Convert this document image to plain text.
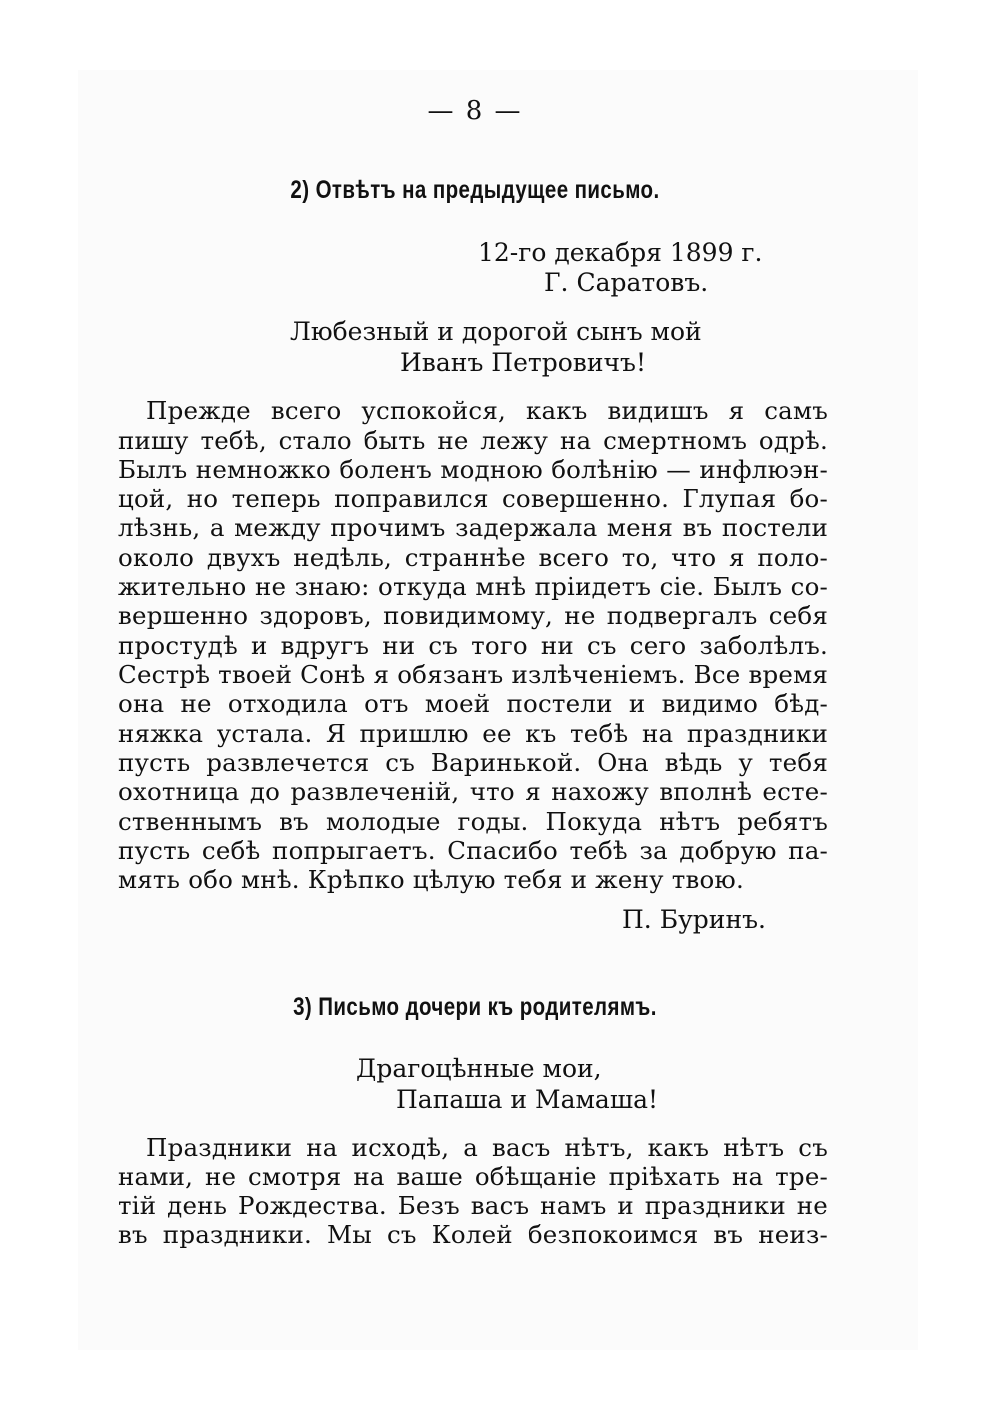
— 8 —
2) Отвѣтъ на предыдущее письмо.
12-го декабря 1899 г.
Г. Саратовъ.
Любезный и дорогой сынъ мой
Иванъ Петровичъ!
Прежде всего успокойся, какъ видишъ я самъ
пишу тебѣ, стало быть не лежу на смертномъ одрѣ.
Былъ немножко боленъ модною болѣнію — инфлюэн-
цой, но теперь поправился совершенно. Глупая бо-
лѣзнь, а между прочимъ задержала меня въ постели
около двухъ недѣль, страннѣе всего то, что я поло-
жительно не знаю: откуда мнѣ пріидетъ сіе. Былъ со-
вершенно здоровъ, повидимому, не подвергалъ себя
простудѣ и вдругъ ни съ того ни съ сего заболѣлъ.
Сестрѣ твоей Сонѣ я обязанъ излѣченіемъ. Все время
она не отходила отъ моей постели и видимо бѣд-
няжка устала. Я пришлю ее къ тебѣ на праздники
пусть развлечется съ Варинькой. Она вѣдь у тебя
охотница до развлеченій, что я нахожу вполнѣ есте-
ственнымъ въ молодые годы. Покуда нѣтъ ребятъ
пусть себѣ попрыгаетъ. Спасибо тебѣ за добрую па-
мять обо мнѣ. Крѣпко цѣлую тебя и жену твою.
П. Буринъ.
3) Письмо дочери къ родителямъ.
Драгоцѣнные мои,
Папаша и Мамаша!
Праздники на исходѣ, а васъ нѣтъ, какъ нѣтъ съ
нами, не смотря на ваше обѣщаніе пріѣхать на тре-
тій день Рождества. Безъ васъ намъ и праздники не
въ праздники. Мы съ Колей безпокоимся въ неиз-
